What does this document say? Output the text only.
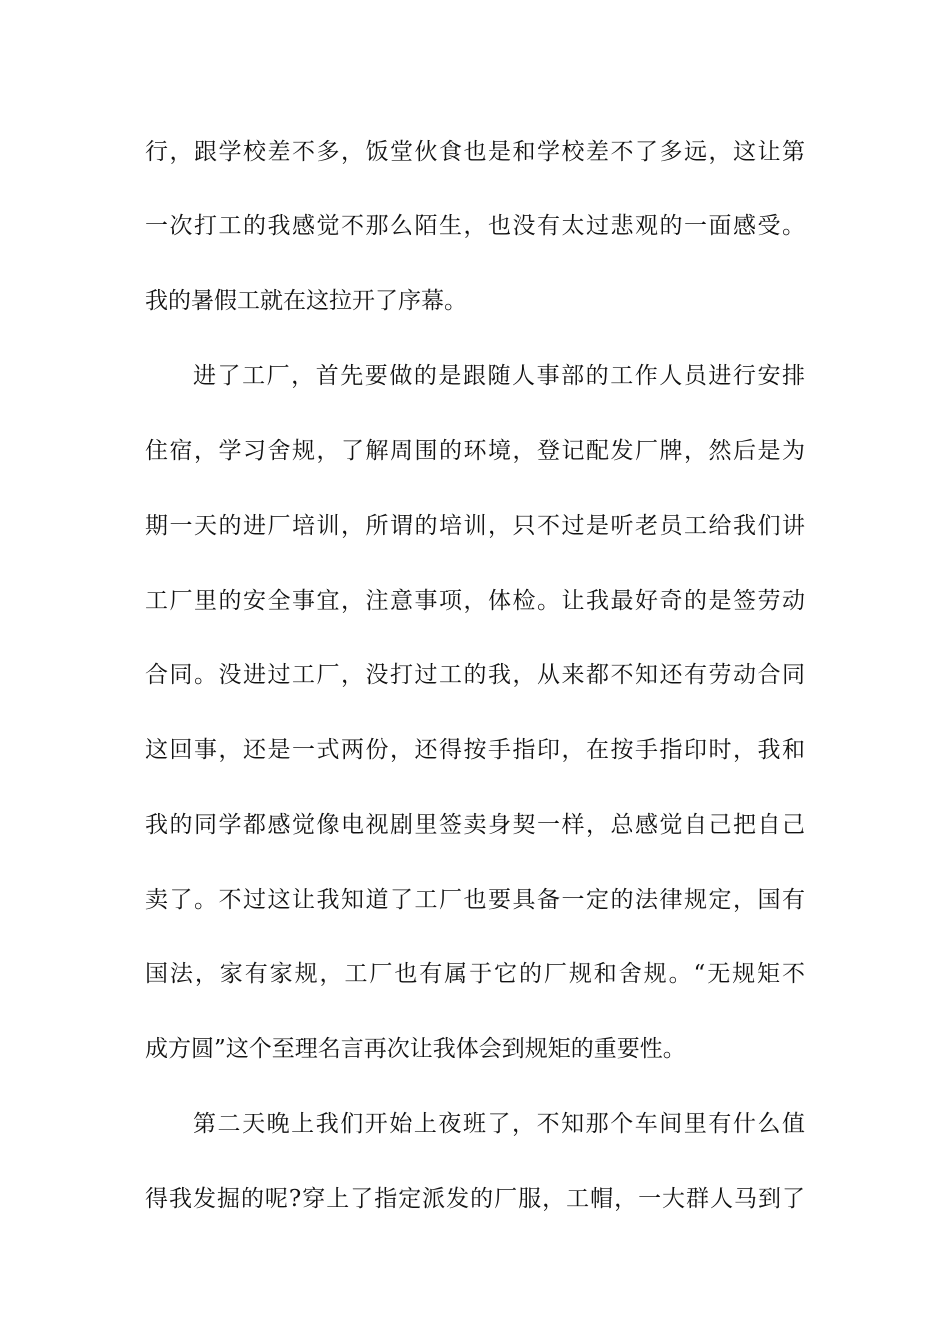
行，跟学校差不多，饭堂伙食也是和学校差不了多远，这让第
一次打工的我感觉不那么陌生，也没有太过悲观的一面感受。
我的暑假工就在这拉开了序幕。
进了工厂，首先要做的是跟随人事部的工作人员进行安排
住宿，学习舍规，了解周围的环境，登记配发厂牌，然后是为
期一天的进厂培训，所谓的培训，只不过是听老员工给我们讲
工厂里的安全事宜，注意事项，体检。让我最好奇的是签劳动
合同。没进过工厂，没打过工的我，从来都不知还有劳动合同
这回事，还是一式两份，还得按手指印，在按手指印时，我和
我的同学都感觉像电视剧里签卖身契一样，总感觉自己把自己
卖了。不过这让我知道了工厂也要具备一定的法律规定，国有
国法，家有家规，工厂也有属于它的厂规和舍规。“无规矩不
成方圆”这个至理名言再次让我体会到规矩的重要性。
第二天晚上我们开始上夜班了，不知那个车间里有什么值
得我发掘的呢?穿上了指定派发的厂服，工帽，一大群人马到了
